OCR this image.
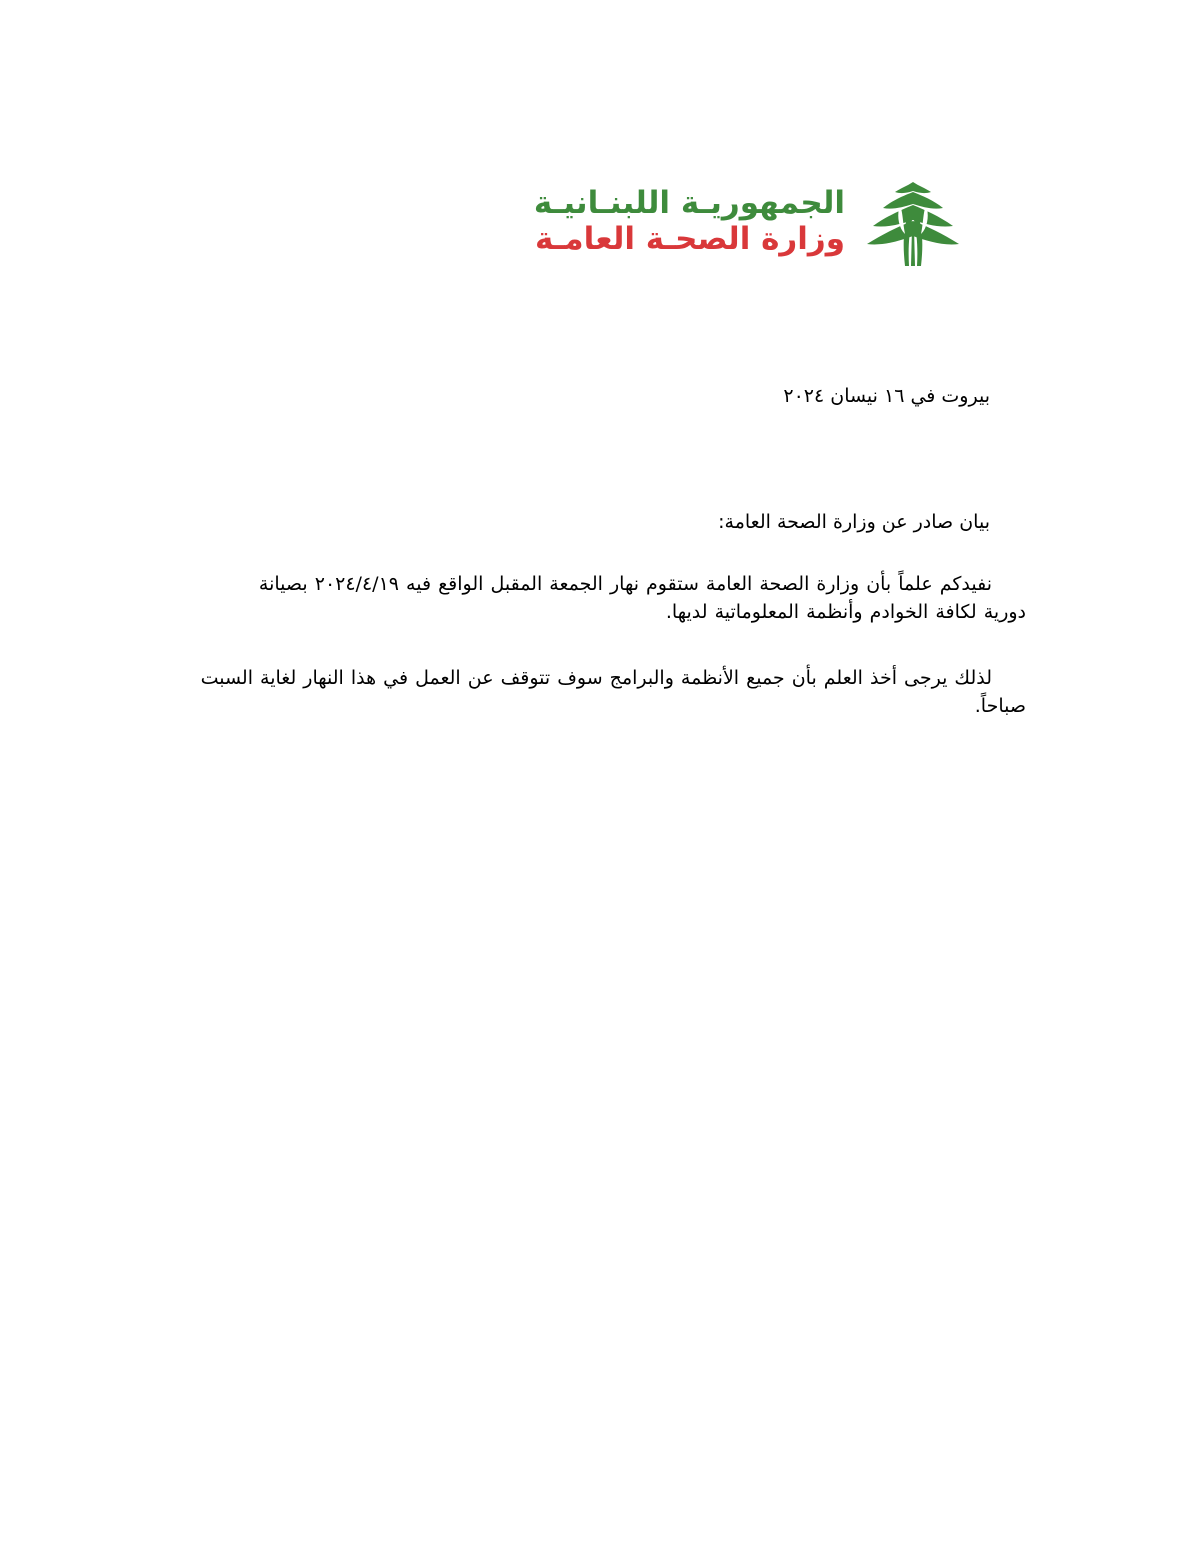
الجمهوريـة اللبنـانيـة
وزارة الصحـة العامـة

بيروت في ١٦ نيسان ٢٠٢٤

بيان صادر عن وزارة الصحة العامة:

نفيدكم علماً بأن وزارة الصحة العامة ستقوم نهار الجمعة المقبل الواقع فيه ٢٠٢٤/٤/١٩ بصيانة دورية لكافة الخوادم وأنظمة المعلوماتية لديها.

لذلك يرجى أخذ العلم بأن جميع الأنظمة والبرامج سوف تتوقف عن العمل في هذا النهار لغاية السبت صباحاً.
